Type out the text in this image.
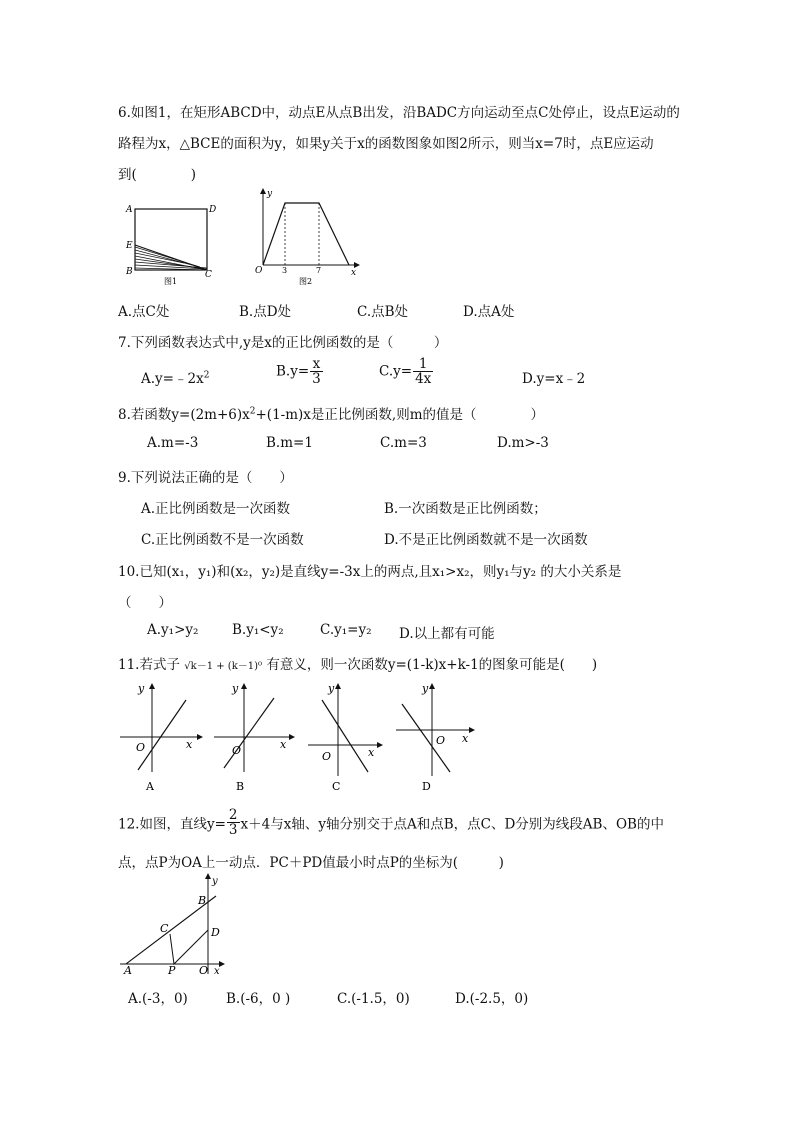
6.如图1，在矩形ABCD中，动点E从点B出发，沿BADC方向运动至点C处停止，设点E运动的
路程为x，△BCE的面积为y，如果y关于x的函数图象如图2所示，则当x=7时，点E应运动
到(　　　　)
A	D
E
B	C
图1
y
O 3	7	x
图2
A.点C处	B.点D处	C.点B处	D.点A处
7.下列函数表达式中,y是x的正比例函数的是（　　　）
$A.y=﹣2x^2$	$B.y= \frac{x}{3}$	$C.y= \frac{1}{4x}$	D.y=x﹣2
8.若函数$y=(2m+6)x^2+(1-m)x$是正比例函数,则m的值是（　　　　）
A.m=-3	B.m=1	C.m=3	D.m>-3
9.下列说法正确的是（　　）
A.正比例函数是一次函数	B.一次函数是正比例函数；
C.正比例函数不是一次函数	D.不是正比例函数就不是一次函数
10.已知(x₁，y₁)和(x₂，y₂)是直线y=-3x上的两点,且x₁>x₂，则y₁与y₂ 的大小关系是
（　　）
A.y₁>y₂ B.y₁<y₂	C.y₁=y₂ D.以上都有可能
11.若式子 √k－1 + (k－1)⁰ 有意义，则一次函数y=(1-k)x+k-1的图象可能是(　　)
y
x
O
A
y
x
O
B
y
x
O
C
y
x
O
D
12.如图，直线$y= \frac{2}{3} x+4$与x轴、y轴分别交于点A和点B，点C、D分别为线段AB、OB的中
点，点P为OA上一动点．PC＋PD值最小时点P的坐标为(　　　)
y
B
C	D
A	P O x
A.(-3，0)	B.(-6，0 )	C.(-1.5，0)	D.(-2.5，0)
